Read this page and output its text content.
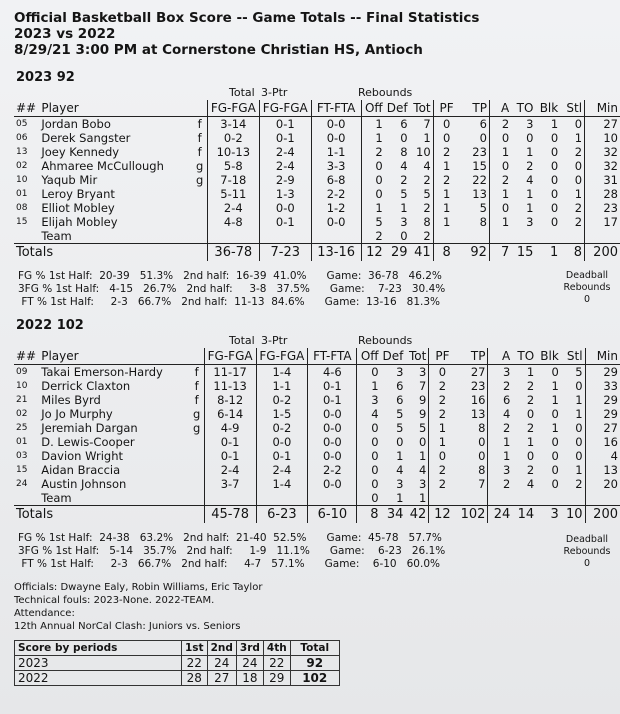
Official Basketball Box Score -- Game Totals -- Final Statistics
2023 vs 2022
8/29/21 3:00 PM at Cornerstone Christian HS, Antioch
2023 92
Total 3-Ptr	Rebounds
##	Player		FG-FGA	FG-FGA	FT-FTA	Off	Def	Tot	PF	TP	A	TO	Blk	Stl	Min
05	Jordan Bobo	f	3-14	0-1	0-0	1	6	7	0	6	2	3	1	0	27
06	Derek Sangster	f	0-2	0-1	0-0	1	0	1	0	0	0	0	0	1	10
13	Joey Kennedy	f	10-13	2-4	1-1	2	8	10	2	23	1	1	0	2	32
02	Ahmaree McCullough	g	5-8	2-4	3-3	0	4	4	1	15	0	2	0	0	32
10	Yaqub Mir	g	7-18	2-9	6-8	0	2	2	2	22	2	4	0	0	31
01	Leroy Bryant		5-11	1-3	2-2	0	5	5	1	13	1	1	0	1	28
08	Elliot Mobley		2-4	0-0	1-2	1	1	2	1	5	0	1	0	2	23
15	Elijah Mobley		4-8	0-1	0-0	5	3	8	1	8	1	3	0	2	17
	Team					2	0	2							
Totals			36-78	7-23	13-16	12	29	41	8	92	7	15	1	8	200
FG % 1st Half:  20-39   51.3%   2nd half:  16-39  41.0%      Game:  36-78   46.2%
3FG % 1st Half:   4-15   26.7%   2nd half:     3-8   37.5%      Game:    7-23   30.4%
FT % 1st Half:     2-3   66.7%   2nd half:  11-13  84.6%      Game:  13-16   81.3%
Deadball
Rebounds
0
2022 102
Total 3-Ptr	Rebounds
##	Player		FG-FGA	FG-FGA	FT-FTA	Off	Def	Tot	PF	TP	A	TO	Blk	Stl	Min
09	Takai Emerson-Hardy	f	11-17	1-4	4-6	0	3	3	0	27	3	1	0	5	29
10	Derrick Claxton	f	11-13	1-1	0-1	1	6	7	2	23	2	2	1	0	33
21	Miles Byrd	f	8-12	0-2	0-1	3	6	9	2	16	6	2	1	1	29
02	Jo Jo Murphy	g	6-14	1-5	0-0	4	5	9	2	13	4	0	0	1	29
25	Jeremiah Dargan	g	4-9	0-2	0-0	0	5	5	1	8	2	2	1	0	27
01	D. Lewis-Cooper		0-1	0-0	0-0	0	0	0	1	0	1	1	0	0	16
03	Davion Wright		0-1	0-1	0-0	0	1	1	0	0	1	0	0	0	4
15	Aidan Braccia		2-4	2-4	2-2	0	4	4	2	8	3	2	0	1	13
24	Austin Johnson		3-7	1-4	0-0	0	3	3	2	7	2	4	0	2	20
	Team					0	1	1							
Totals			45-78	6-23	6-10	8	34	42	12	102	24	14	3	10	200
FG % 1st Half:  24-38   63.2%   2nd half:  21-40  52.5%      Game:  45-78   57.7%
3FG % 1st Half:   5-14   35.7%   2nd half:     1-9   11.1%      Game:    6-23   26.1%
FT % 1st Half:     2-3   66.7%   2nd half:     4-7   57.1%      Game:    6-10   60.0%
Deadball
Rebounds
0
Officials: Dwayne Ealy, Robin Williams, Eric Taylor
Technical fouls: 2023-None. 2022-TEAM.
Attendance:
12th Annual NorCal Clash: Juniors vs. Seniors
Score by periods	1st	2nd	3rd	4th	Total
2023	22	24	24	22	92
2022	28	27	18	29	102
